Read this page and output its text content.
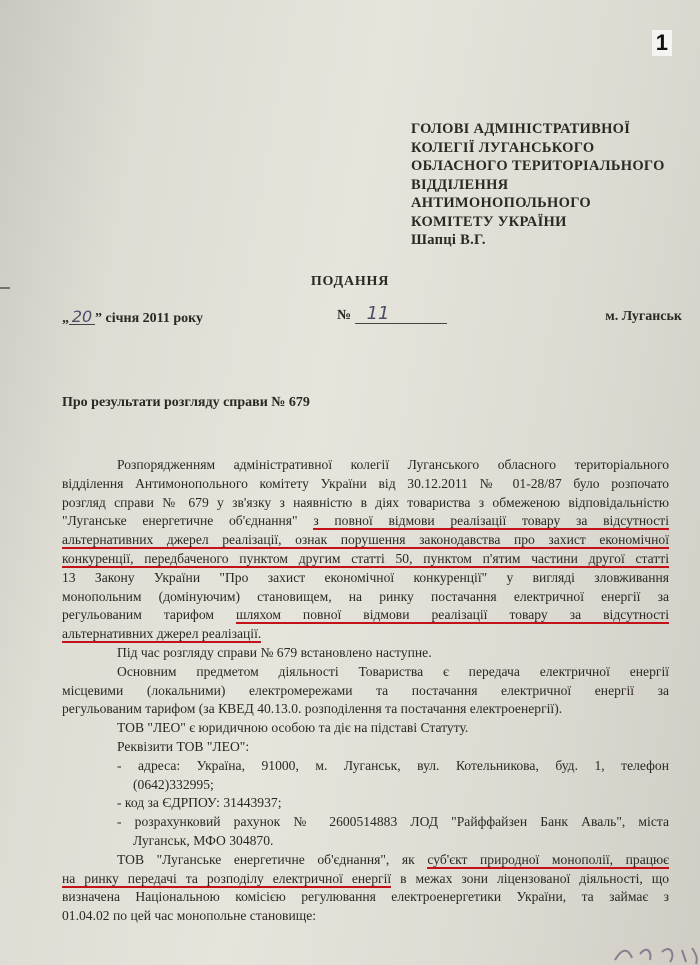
1
ГОЛОВІ АДМІНІСТРАТИВНОЇ
КОЛЕГІЇ ЛУГАНСЬКОГО
ОБЛАСНОГО ТЕРИТОРІАЛЬНОГО
ВІДДІЛЕННЯ
АНТИМОНОПОЛЬНОГО
КОМІТЕТУ УКРАЇНИ
Шапці В.Г.
ПОДАННЯ
„ 20 ” січня 2011 року	№ 11	м. Луганськ
Про результати розгляду справи № 679
Розпорядженням адміністративної колегії Луганського обласного територіального
відділення Антимонопольного комітету України від 30.12.2011 № 01-28/87 було розпочато
розгляд справи № 679 у зв'язку з наявністю в діях товариства з обмеженою відповідальністю
"Луганське енергетичне об'єднання" з повної відмови реалізації товару за відсутності
альтернативних джерел реалізації, ознак порушення законодавства про захист економічної
конкуренції, передбаченого пунктом другим статті 50, пунктом п'ятим частини другої статті
13 Закону України "Про захист економічної конкуренції" у вигляді зловживання
монопольним (домінуючим) становищем, на ринку постачання електричної енергії за
регульованим тарифом шляхом повної відмови реалізації товару за відсутності
альтернативних джерел реалізації.
Під час розгляду справи № 679 встановлено наступне.
Основним предметом діяльності Товариства є передача електричної енергії
місцевими (локальними) електромережами та постачання електричної енергії за
регульованим тарифом (за КВЕД 40.13.0. розподілення та постачання електроенергії).
ТОВ "ЛЕО" є юридичною особою та діє на підставі Статуту.
Реквізити ТОВ "ЛЕО":
- адреса: Україна, 91000, м. Луганськ, вул. Котельникова, буд. 1, телефон
(0642)332995;
- код за ЄДРПОУ: 31443937;
- розрахунковий рахунок № 2600514883 ЛОД "Райффайзен Банк Аваль", міста
Луганськ, МФО 304870.
ТОВ "Луганське енергетичне об'єднання", як суб'єкт природної монополії, працює
на ринку передачі та розподілу електричної енергії в межах зони ліцензованої діяльності, що
визначена Національною комісією регулювання електроенергетики України, та займає з
01.04.02 по цей час монопольне становище:
